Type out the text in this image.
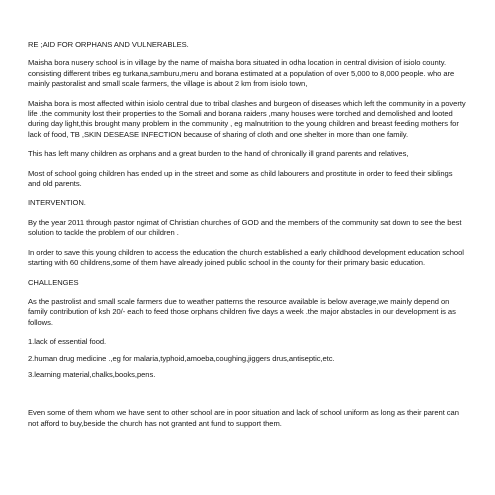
RE ;AID FOR ORPHANS AND VULNERABLES.

Maisha bora nusery school is in village by the name of maisha bora situated in odha location in central division of isiolo county. consisting different tribes eg turkana,samburu,meru and borana estimated at a population of over 5,000 to 8,000 people. who are mainly pastoralist and small scale farmers, the village is about 2 km from isiolo town,

Maisha bora is most affected within isiolo central due to tribal clashes and burgeon of diseases which left the community in a poverty life .the community lost their properties to the Somali and borana raiders ,many houses were torched and demolished and looted during day light,this brought many problem in the community , eg malnutrition to the young children and breast feeding mothers for lack of food, TB ,SKIN DESEASE INFECTION because of sharing of cloth and one shelter in more than one family.

This has left many children as orphans and a great burden to the hand of chronically ill grand parents and relatives,

Most of school going children has ended up in the street and some as child labourers and prostitute in order to feed their siblings and old parents.

INTERVENTION.

By the year 2011 through pastor ngimat of Christian churches of GOD and the members of the community sat down to see the best solution to tackle the problem of our children .

In order to save this young children to access the education the church established a early childhood development education school starting with 60 childrens,some of them have already joined public school in the county for their primary basic education.

CHALLENGES

As the pastrolist and small scale farmers due to weather patterns the resource available is below average,we mainly depend on family contribution of ksh 20/- each to feed those orphans children five days a week .the major abstacles in our development is as follows.

1.lack of essential food.

2.human drug medicine .,eg for malaria,typhoid,amoeba,coughing,jiggers drus,antiseptic,etc.

3.learning material,chalks,books,pens.

Even some of them whom we have sent to other school are in poor situation and lack of school uniform as long as their parent can not afford to buy,beside the church has not granted ant fund to support them.
